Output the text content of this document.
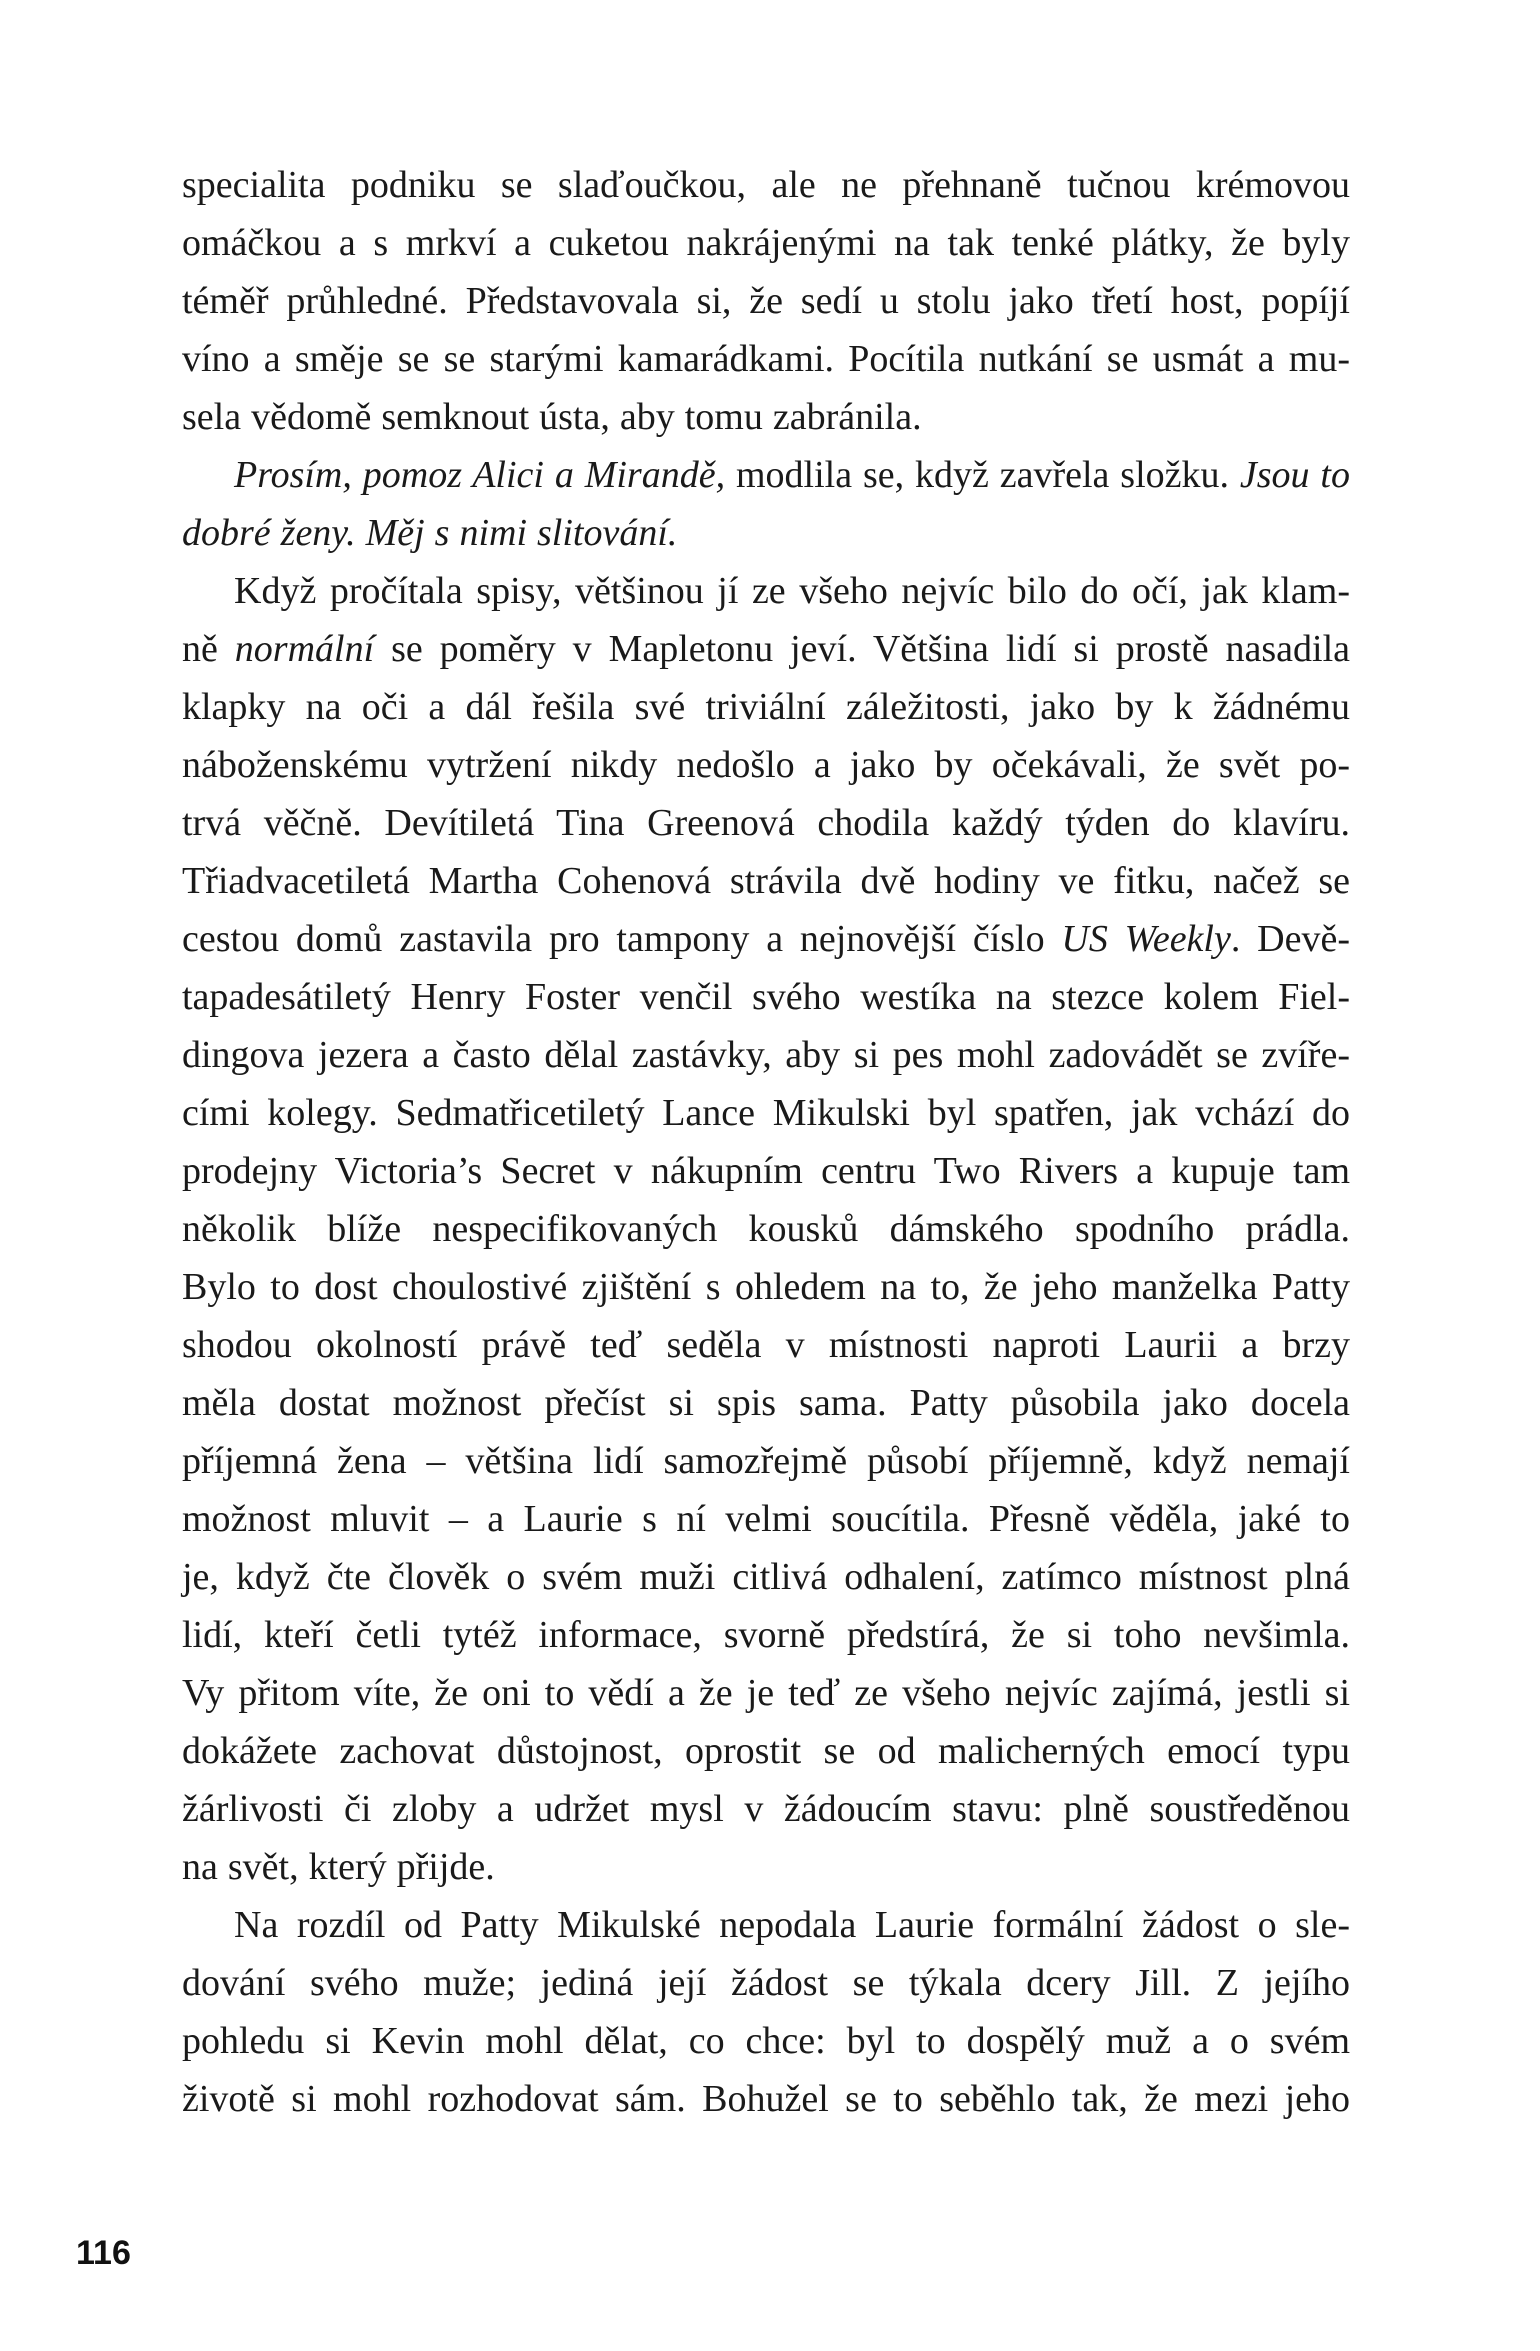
specialita podniku se slaďoučkou, ale ne přehnaně tučnou krémovou
omáčkou a s mrkví a cuketou nakrájenými na tak tenké plátky, že byly
téměř průhledné. Představovala si, že sedí u stolu jako třetí host, popíjí
víno a směje se se starými kamarádkami. Pocítila nutkání se usmát a mu-
sela vědomě semknout ústa, aby tomu zabránila.
Prosím, pomoz Alici a Mirandě, modlila se, když zavřela složku. Jsou to
dobré ženy. Měj s nimi slitování.
Když pročítala spisy, většinou jí ze všeho nejvíc bilo do očí, jak klam-
ně normální se poměry v Mapletonu jeví. Většina lidí si prostě nasadila
klapky na oči a dál řešila své triviální záležitosti, jako by k žádnému
náboženskému vytržení nikdy nedošlo a jako by očekávali, že svět po-
trvá věčně. Devítiletá Tina Greenová chodila každý týden do klavíru.
Třiadvacetiletá Martha Cohenová strávila dvě hodiny ve fitku, načež se
cestou domů zastavila pro tampony a nejnovější číslo US Weekly. Devě-
tapadesátiletý Henry Foster venčil svého westíka na stezce kolem Fiel-
dingova jezera a často dělal zastávky, aby si pes mohl zadovádět se zvíře-
cími kolegy. Sedmatřicetiletý Lance Mikulski byl spatřen, jak vchází do
prodejny Victoria’s Secret v nákupním centru Two Rivers a kupuje tam
několik blíže nespecifikovaných kousků dámského spodního prádla.
Bylo to dost choulostivé zjištění s ohledem na to, že jeho manželka Patty
shodou okolností právě teď seděla v místnosti naproti Laurii a brzy
měla dostat možnost přečíst si spis sama. Patty působila jako docela
příjemná žena – většina lidí samozřejmě působí příjemně, když nemají
možnost mluvit – a Laurie s ní velmi soucítila. Přesně věděla, jaké to
je, když čte člověk o svém muži citlivá odhalení, zatímco místnost plná
lidí, kteří četli tytéž informace, svorně předstírá, že si toho nevšimla.
Vy přitom víte, že oni to vědí a že je teď ze všeho nejvíc zajímá, jestli si
dokážete zachovat důstojnost, oprostit se od malicherných emocí typu
žárlivosti či zloby a udržet mysl v žádoucím stavu: plně soustředěnou
na svět, který přijde.
Na rozdíl od Patty Mikulské nepodala Laurie formální žádost o sle-
dování svého muže; jediná její žádost se týkala dcery Jill. Z jejího
pohledu si Kevin mohl dělat, co chce: byl to dospělý muž a o svém
životě si mohl rozhodovat sám. Bohužel se to seběhlo tak, že mezi jeho
116
